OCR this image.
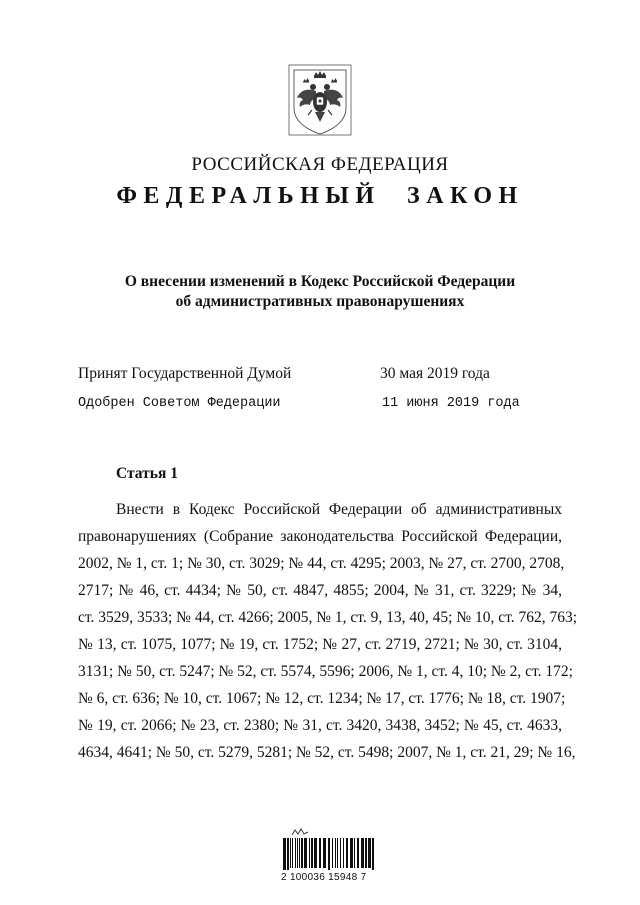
РОССИЙСКАЯ ФЕДЕРАЦИЯ
ФЕДЕРАЛЬНЫЙ ЗАКОН
О внесении изменений в Кодекс Российской Федерации
об административных правонарушениях
Принят Государственной Думой	30 мая 2019 года
Одобрен Советом Федерации	11 июня 2019 года
Статья 1
Внести в Кодекс Российской Федерации об административных
правонарушениях (Собрание законодательства Российской Федерации,
2002, № 1, ст. 1; № 30, ст. 3029; № 44, ст. 4295; 2003, № 27, ст. 2700, 2708,
2717; № 46, ст. 4434; № 50, ст. 4847, 4855; 2004, № 31, ст. 3229; № 34,
ст. 3529, 3533; № 44, ст. 4266; 2005, № 1, ст. 9, 13, 40, 45; № 10, ст. 762, 763;
№ 13, ст. 1075, 1077; № 19, ст. 1752; № 27, ст. 2719, 2721; № 30, ст. 3104,
3131; № 50, ст. 5247; № 52, ст. 5574, 5596; 2006, № 1, ст. 4, 10; № 2, ст. 172;
№ 6, ст. 636; № 10, ст. 1067; № 12, ст. 1234; № 17, ст. 1776; № 18, ст. 1907;
№ 19, ст. 2066; № 23, ст. 2380; № 31, ст. 3420, 3438, 3452; № 45, ст. 4633,
4634, 4641; № 50, ст. 5279, 5281; № 52, ст. 5498; 2007, № 1, ст. 21, 29; № 16,
2 100036 15948 7
